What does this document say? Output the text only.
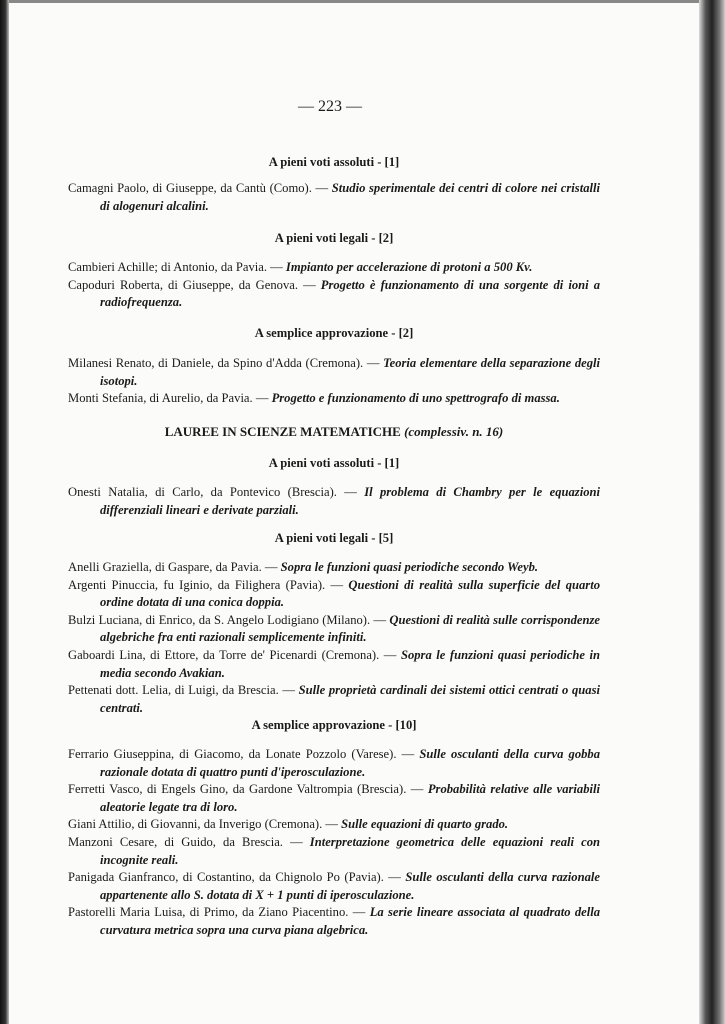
— 223 —
A pieni voti assoluti - [1]
Camagni Paolo, di Giuseppe, da Cantù (Como). — Studio sperimentale dei centri di colore nei cristalli di alogenuri alcalini.
A pieni voti legali - [2]
Cambieri Achille; di Antonio, da Pavia. — Impianto per accelerazione di protoni a 500 Kv.
Capoduri Roberta, di Giuseppe, da Genova. — Progetto è funzionamento di una sorgente di ioni a radiofrequenza.
A semplice approvazione - [2]
Milanesi Renato, di Daniele, da Spino d'Adda (Cremona). — Teoria elementare della separazione degli isotopi.
Monti Stefania, di Aurelio, da Pavia. — Progetto e funzionamento di uno spettrografo di massa.
LAUREE IN SCIENZE MATEMATICHE (complessiv. n. 16)
A pieni voti assoluti - [1]
Onesti Natalia, di Carlo, da Pontevico (Brescia). — Il problema di Chambry per le equazioni differenziali lineari e derivate parziali.
A pieni voti legali - [5]
Anelli Graziella, di Gaspare, da Pavia. — Sopra le funzioni quasi periodiche secondo Weyb.
Argenti Pinuccia, fu Iginio, da Filighera (Pavia). — Questioni di realità sulla superficie del quarto ordine dotata di una conica doppia.
Bulzi Luciana, di Enrico, da S. Angelo Lodigiano (Milano). — Questioni di realità sulle corrispondenze algebriche fra enti razionali semplicemente infiniti.
Gaboardi Lina, di Ettore, da Torre de' Picenardi (Cremona). — Sopra le funzioni quasi periodiche in media secondo Avakian.
Pettenati dott. Lelia, di Luigi, da Brescia. — Sulle proprietà cardinali dei sistemi ottici centrati o quasi centrati.
A semplice approvazione - [10]
Ferrario Giuseppina, di Giacomo, da Lonate Pozzolo (Varese). — Sulle osculanti della curva gobba razionale dotata di quattro punti d'iperosculazione.
Ferretti Vasco, di Engels Gino, da Gardone Valtrompia (Brescia). — Probabilità relative alle variabili aleatorie legate tra di loro.
Giani Attilio, di Giovanni, da Inverigo (Cremona). — Sulle equazioni di quarto grado.
Manzoni Cesare, di Guido, da Brescia. — Interpretazione geometrica delle equazioni reali con incognite reali.
Panigada Gianfranco, di Costantino, da Chignolo Po (Pavia). — Sulle osculanti della curva razionale appartenente allo S. dotata di X + 1 punti di iperosculazione.
Pastorelli Maria Luisa, di Primo, da Ziano Piacentino. — La serie lineare associata al quadrato della curvatura metrica sopra una curva piana algebrica.
